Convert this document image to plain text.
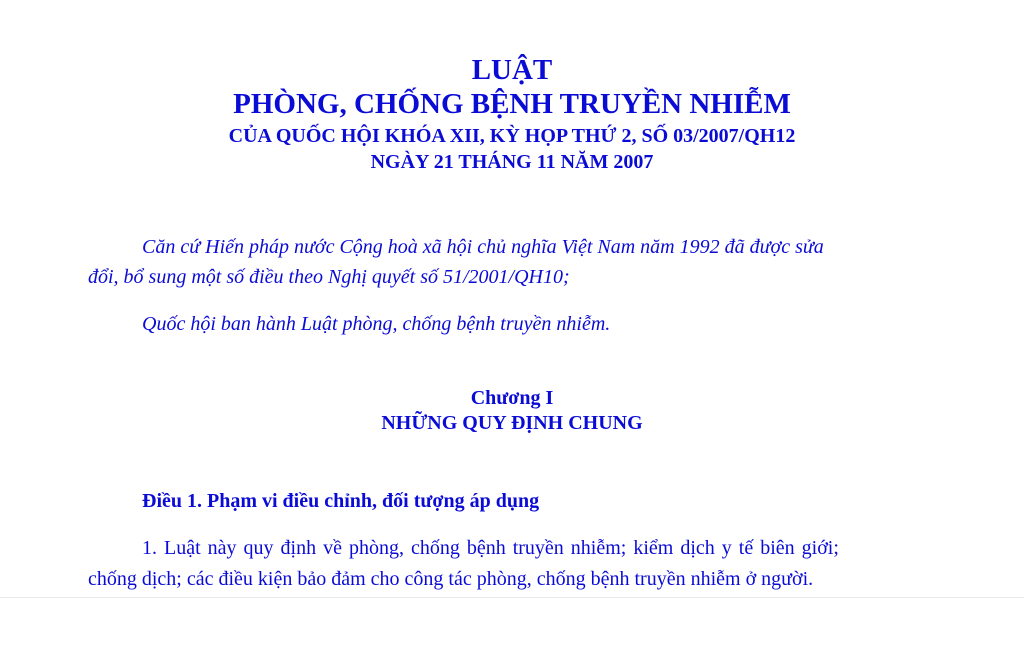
LUẬT
PHÒNG, CHỐNG BỆNH TRUYỀN NHIỄM
CỦA QUỐC HỘI KHÓA XII, KỲ HỌP THỨ 2, SỐ 03/2007/QH12
NGÀY 21 THÁNG 11 NĂM 2007
Căn cứ Hiến pháp nước Cộng hoà xã hội chủ nghĩa Việt Nam năm 1992 đã được sửa
đổi, bổ sung một số điều theo Nghị quyết số 51/2001/QH10;
Quốc hội ban hành Luật phòng, chống bệnh truyền nhiễm.
Chương I
NHỮNG QUY ĐỊNH CHUNG
Điều 1. Phạm vi điều chỉnh, đối tượng áp dụng
1. Luật này quy định về phòng, chống bệnh truyền nhiễm; kiểm dịch y tế biên giới;
chống dịch; các điều kiện bảo đảm cho công tác phòng, chống bệnh truyền nhiễm ở người.
